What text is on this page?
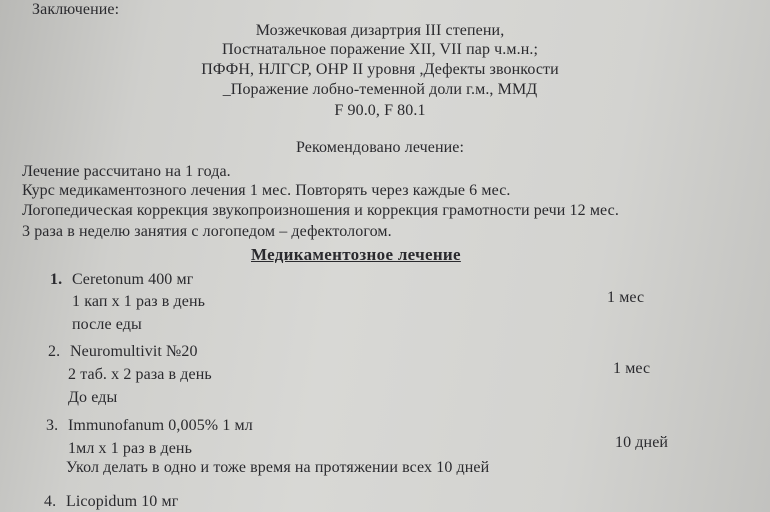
Заключение:
Мозжечковая дизартрия III степени,
Постнатальное поражение XII, VII пар ч.м.н.;
ПФФН, НЛГСР, ОНР II уровня ,Дефекты звонкости
_Поражение лобно-теменной доли г.м., ММД
F 90.0, F 80.1
Рекомендовано лечение:
Лечение рассчитано на 1 года.
Курс медикаментозного лечения 1 мес. Повторять через каждые 6 мес.
Логопедическая коррекция звукопроизношения и коррекция грамотности речи 12 мес.
3 раза в неделю занятия с логопедом – дефектологом.
Медикаментозное лечение
1. Ceretonum 400 мг
1 кап х 1 раз в день	1 мес
после еды
2. Neuromultivit №20
2 таб. х 2 раза в день	1 мес
До еды
3. Immunofanum 0,005% 1 мл
1мл х 1 раз в день	10 дней
Укол делать в одно и тоже время на протяжении всех 10 дней
4. Licopidum 10 мг
